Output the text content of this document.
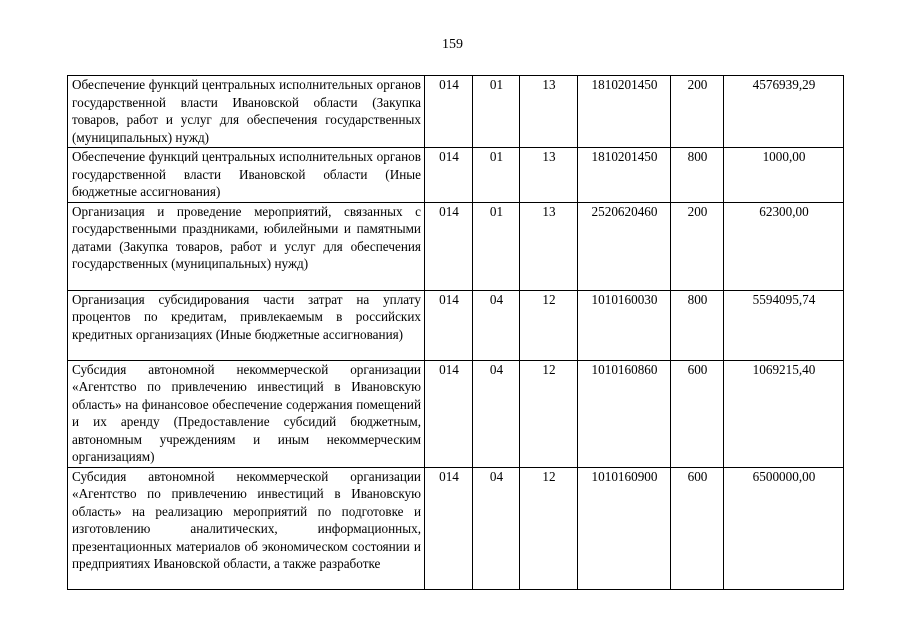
159
Обеспечение функций центральных исполнительных органов государственной власти Ивановской области (Закупка товаров, работ и услуг для обеспечения государственных (муниципальных) нужд)	014	01	13	1810201450	200	4576939,29
Обеспечение функций центральных исполнительных органов государственной власти Ивановской области (Иные бюджетные ассигнования)	014	01	13	1810201450	800	1000,00
Организация и проведение мероприятий, связанных с государственными праздниками, юбилейными и памятными датами (Закупка товаров, работ и услуг для обеспечения государственных (муниципальных) нужд)	014	01	13	2520620460	200	62300,00
Организация субсидирования части затрат на уплату процентов по кредитам, привлекаемым в российских кредитных организациях (Иные бюджетные ассигнования)	014	04	12	1010160030	800	5594095,74
Субсидия автономной некоммерческой организации «Агентство по привлечению инвестиций в Ивановскую область» на финансовое обеспечение содержания помещений и их аренду (Предоставление субсидий бюджетным, автономным учреждениям и иным некоммерческим организациям)	014	04	12	1010160860	600	1069215,40
Субсидия автономной некоммерческой организации «Агентство по привлечению инвестиций в Ивановскую область» на реализацию мероприятий по подготовке и изготовлению аналитических, информационных, презентационных материалов об экономическом состоянии и предприятиях Ивановской области, а также разработке	014	04	12	1010160900	600	6500000,00
